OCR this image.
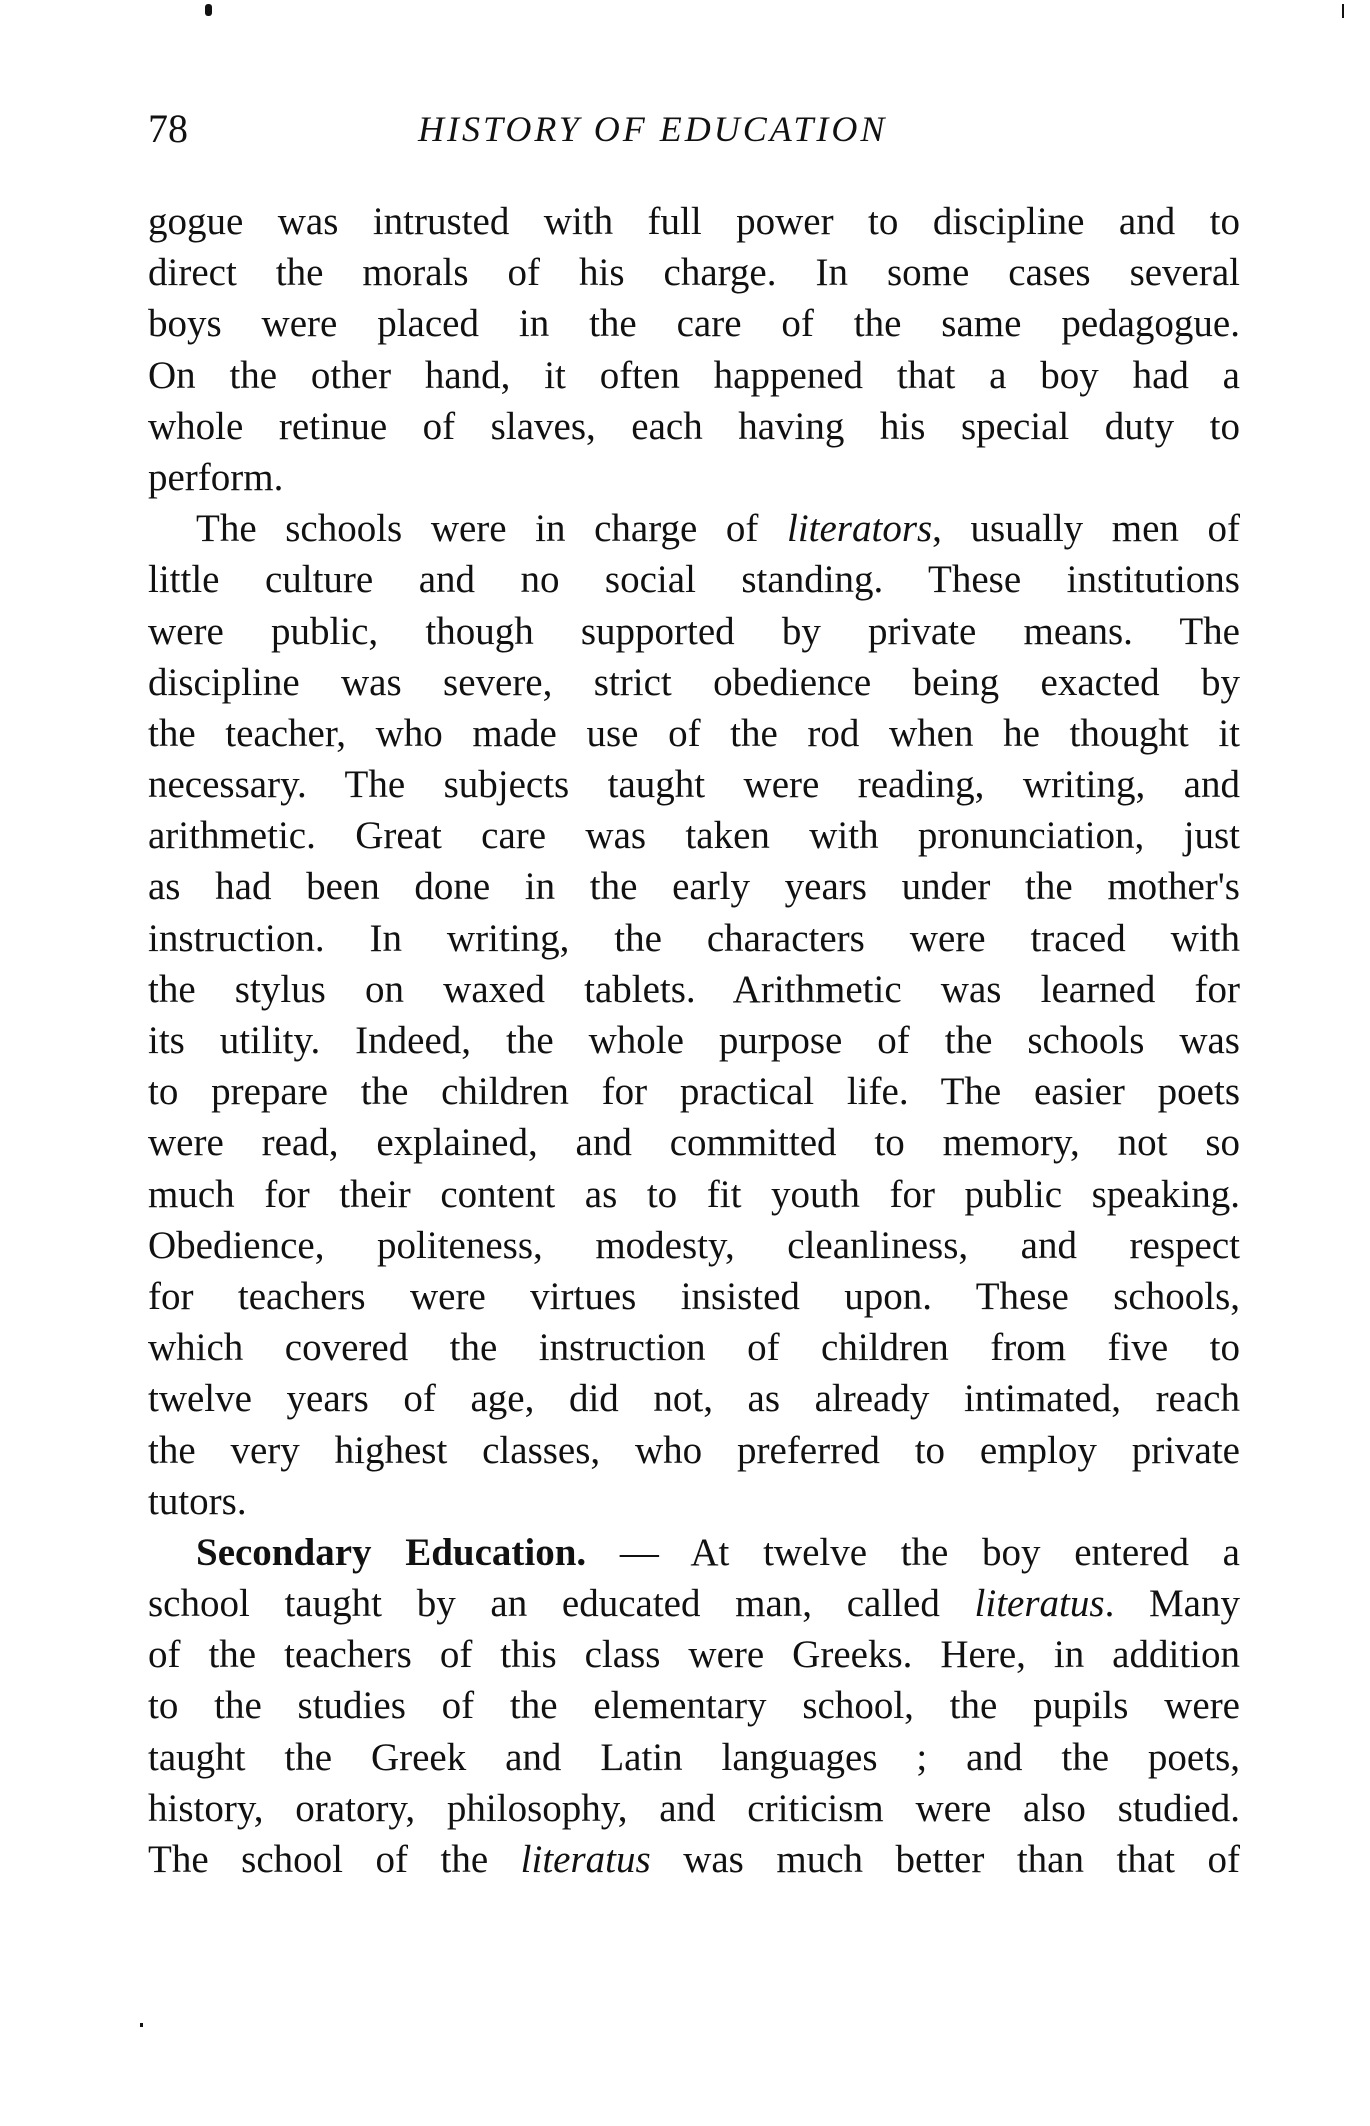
78	HISTORY OF EDUCATION
gogue was intrusted with full power to discipline and to
direct the morals of his charge. In some cases several
boys were placed in the care of the same pedagogue.
On the other hand, it often happened that a boy had a
whole retinue of slaves, each having his special duty to
perform.
The schools were in charge of literators, usually men of
little culture and no social standing. These institutions
were public, though supported by private means. The
discipline was severe, strict obedience being exacted by
the teacher, who made use of the rod when he thought it
necessary. The subjects taught were reading, writing, and
arithmetic. Great care was taken with pronunciation, just
as had been done in the early years under the mother's
instruction. In writing, the characters were traced with
the stylus on waxed tablets. Arithmetic was learned for
its utility. Indeed, the whole purpose of the schools was
to prepare the children for practical life. The easier poets
were read, explained, and committed to memory, not so
much for their content as to fit youth for public speaking.
Obedience, politeness, modesty, cleanliness, and respect
for teachers were virtues insisted upon. These schools,
which covered the instruction of children from five to
twelve years of age, did not, as already intimated, reach
the very highest classes, who preferred to employ private
tutors.
Secondary Education. — At twelve the boy entered a
school taught by an educated man, called literatus. Many
of the teachers of this class were Greeks. Here, in addition
to the studies of the elementary school, the pupils were
taught the Greek and Latin languages ; and the poets,
history, oratory, philosophy, and criticism were also studied.
The school of the literatus was much better than that of
